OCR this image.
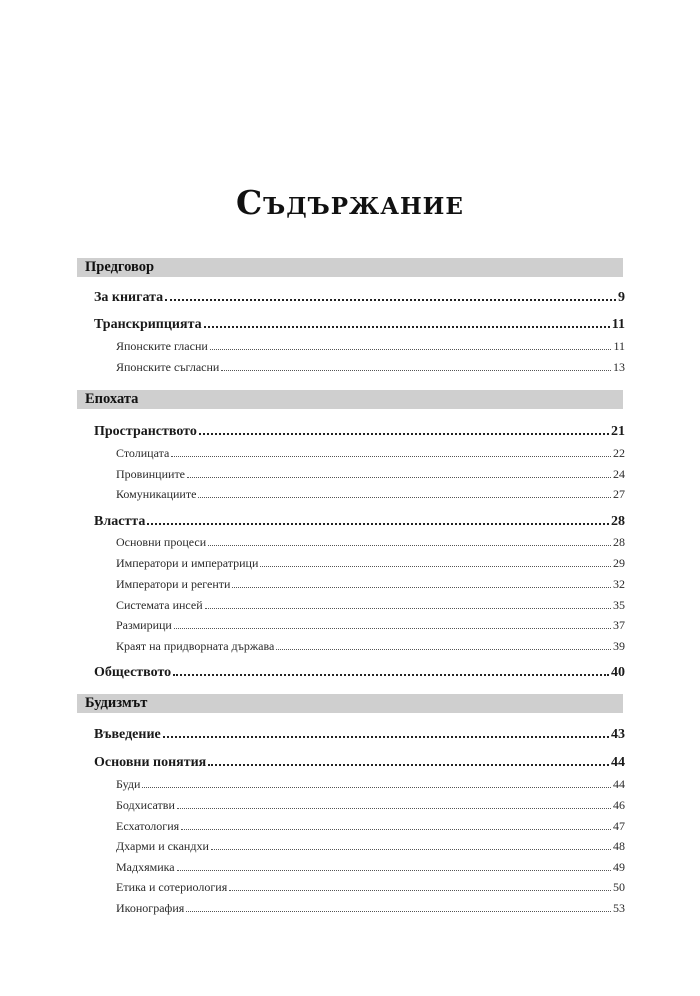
Съдържание
Предговор
За книгата	9
Транскрипцията	11
Японските гласни	11
Японските съгласни	13
Епохата
Пространството	21
Столицата	22
Провинциите	24
Комуникациите	27
Властта	28
Основни процеси	28
Императори и императрици	29
Императори и регенти	32
Системата инсей	35
Размирици	37
Краят на придворната държава	39
Обществото	40
Будизмът
Въведение	43
Основни понятия	44
Буди	44
Бодхисатви	46
Есхатология	47
Дхарми и скандхи	48
Мадхямика	49
Етика и сотериология	50
Иконография	53
